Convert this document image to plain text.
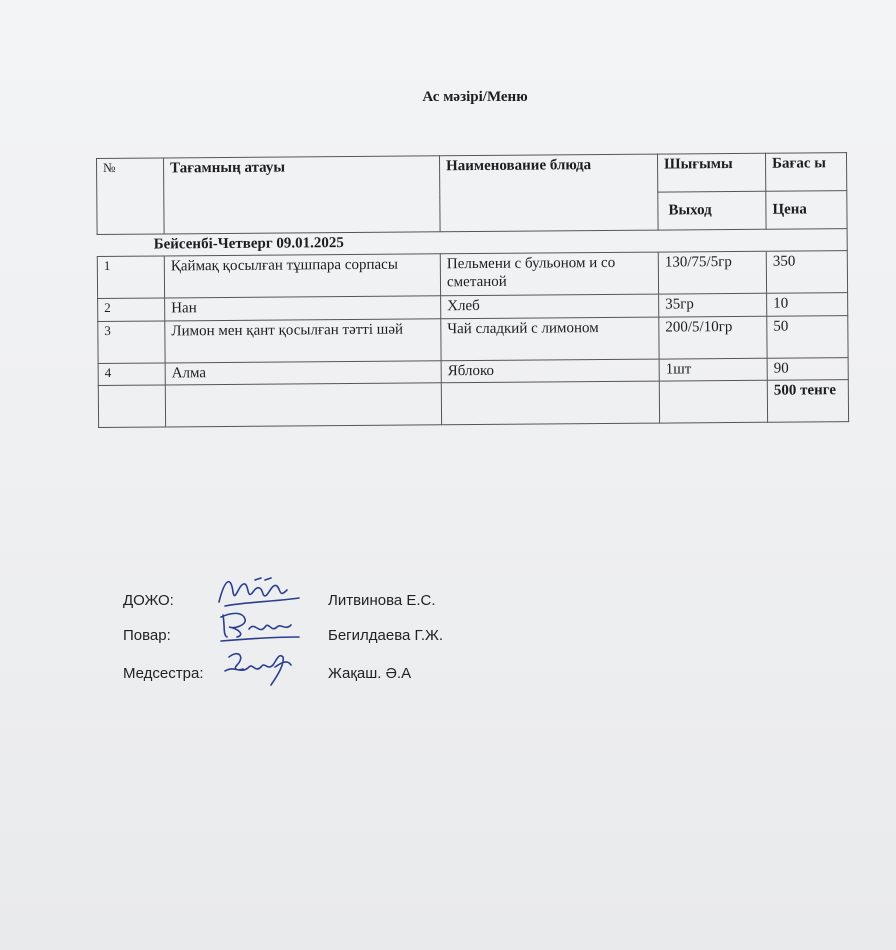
Ас мәзірі/Меню
№	Тағамның атауы	Наименование блюда	Шығымы	Бағас ы
			Выход	Цена
Бейсенбі-Четверг 09.01.2025				
1	Қаймақ қосылған тұшпара сорпасы	Пельмени с бульоном и со сметаной	130/75/5гр	350
2	Нан	Хлеб	35гр	10
3	Лимон мен қант қосылған тәтті шәй	Чай сладкий с лимоном	200/5/10гр	50
4	Алма	Яблоко	1шт	90
				500 тенге
ДОЖО:	Литвинова Е.С.
Повар:	Бегилдаева Г.Ж.
Медсестра:	Жақаш. Ә.А
